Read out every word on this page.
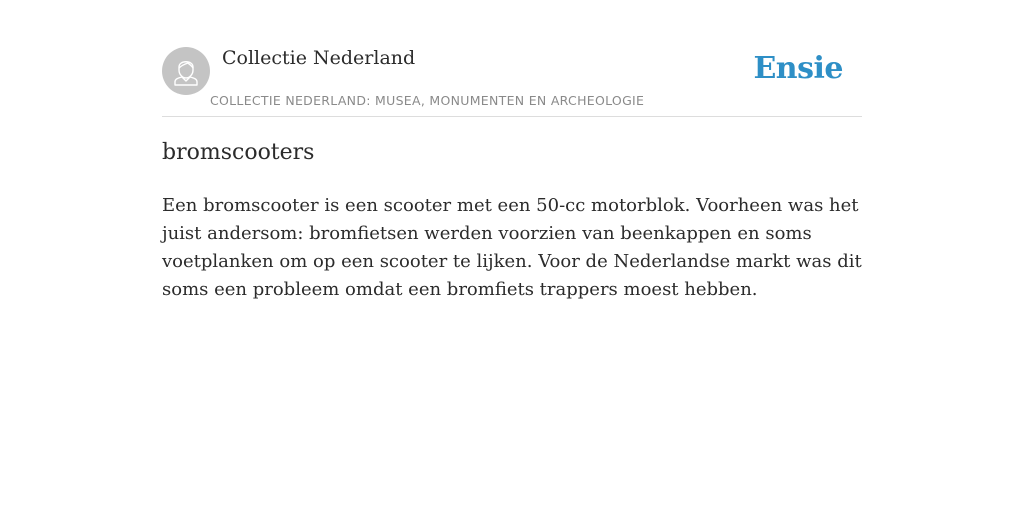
Collectie Nederland
COLLECTIE NEDERLAND: MUSEA, MONUMENTEN EN ARCHEOLOGIE
Ensie
bromscooters

Een bromscooter is een scooter met een 50-cc motorblok. Voorheen was het juist andersom: bromfietsen werden voorzien van beenkappen en soms voetplanken om op een scooter te lijken. Voor de Nederlandse markt was dit soms een probleem omdat een bromfiets trappers moest hebben.
